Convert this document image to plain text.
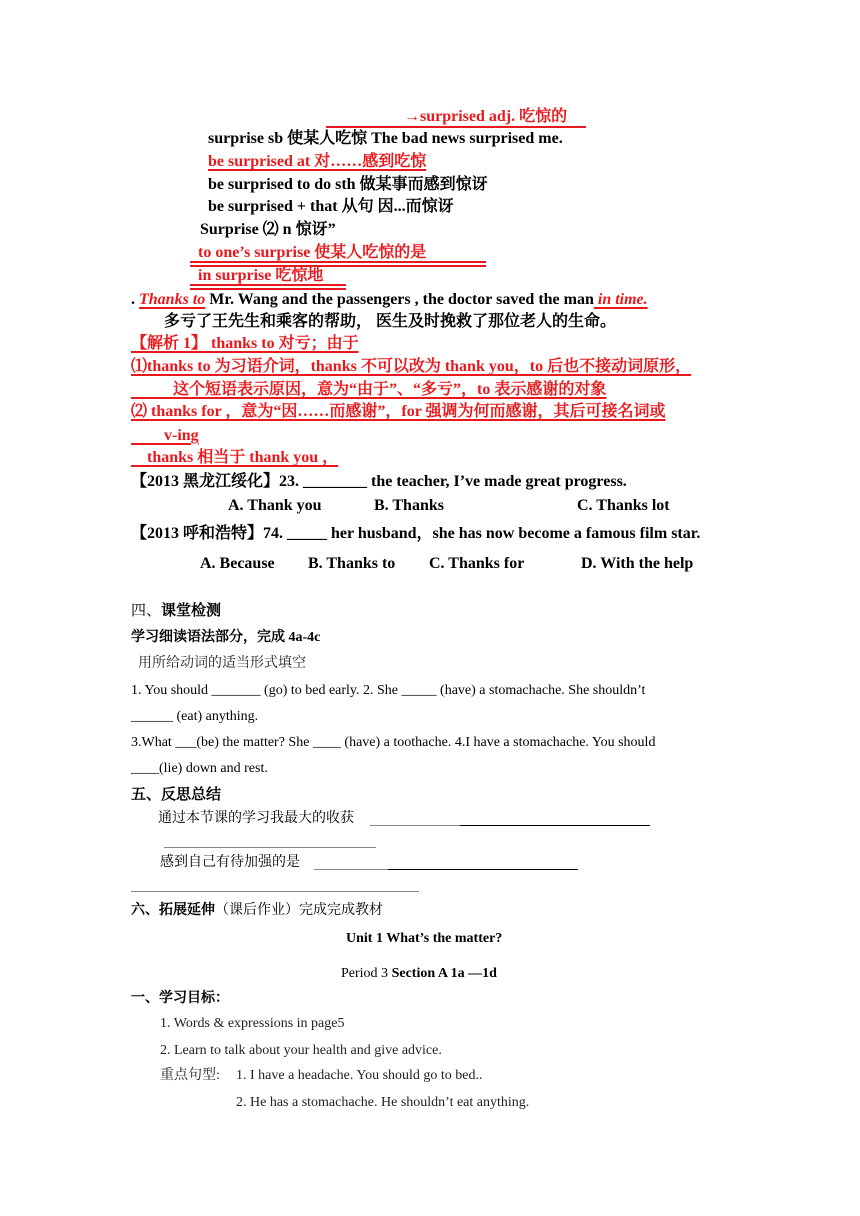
→surprised adj. 吃惊的
surprise sb 使某人吃惊 The bad news surprised me.
be surprised at 对……感到吃惊
be surprised to do sth 做某事而感到惊讶
be surprised + that 从句 因...而惊讶
Surprise ⑵ n 惊讶”
to one’s surprise 使某人吃惊的是
in surprise 吃惊地
. Thanks to Mr. Wang and the passengers , the doctor saved the man in time.
多亏了王先生和乘客的帮助， 医生及时挽救了那位老人的生命。
【解析 1】 thanks to 对亏；由于
⑴thanks to 为习语介词，thanks 不可以改为 thank you，to 后也不接动词原形，
这个短语表示原因，意为“由于”、“多亏”，to 表示感谢的对象
⑵ thanks for ，意为“因……而感谢”，for 强调为何而感谢，其后可接名词或
v-ing
thanks 相当于 thank you ，
【2013 黑龙江绥化】23. ________ the teacher, I’ve made great progress.
A. Thank you	B. Thanks	C. Thanks lot
【2013 呼和浩特】74. _____ her husband，she has now become a famous film star.
A. Because B. Thanks to C. Thanks for	D. With the help
四、课堂检测
学习细读语法部分，完成 4a-4c
用所给动词的适当形式填空
1. You should _______ (go) to bed early. 2. She _____ (have) a stomachache. She shouldn’t
______ (eat) anything.
3.What ___(be) the matter? She ____ (have) a toothache. 4.I have a stomachache. You should
____(lie) down and rest.
五、反思总结
通过本节课的学习我最大的收获
感到自己有待加强的是
六、拓展延伸（课后作业）完成完成教材
Unit 1 What’s the matter?
Period 3 Section A 1a —1d
一、学习目标：
1. Words & expressions in page5
2. Learn to talk about your health and give advice.
重点句型: 1. I have a headache. You should go to bed..
2. He has a stomachache. He shouldn’t eat anything.
